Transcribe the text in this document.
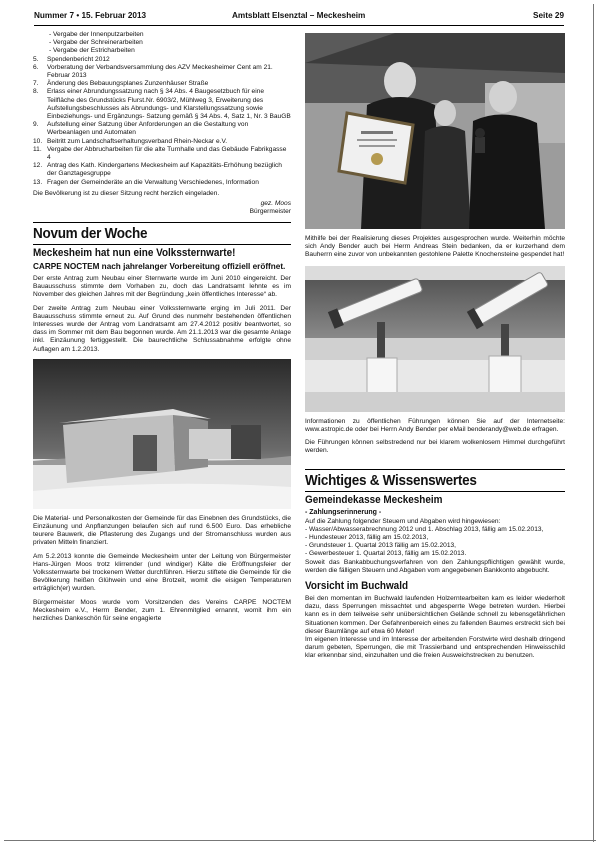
Nummer 7 • 15. Februar 2013	Amtsblatt Elsenztal – Meckesheim	Seite 29
- Vergabe der Innenputzarbeiten
- Vergabe der Schreinerarbeiten
- Vergabe der Estricharbeiten
5.	Spendenbericht 2012
6.	Vorberatung der Verbandsversammlung des AZV Meckesheimer Cent am 21. Februar 2013
7.	Änderung des Bebauungsplanes Zunzenhäuser Straße
8.	Erlass einer Abrundungssatzung nach § 34 Abs. 4 Baugesetzbuch für eine Teilfläche des Grundstücks Flurst.Nr. 6903/2, Mühlweg 3, Erweiterung des Aufstellungsbeschlusses als Abrundungs- und Klarstellungssatzung sowie Einbeziehungs- und Ergänzungs- Satzung gemäß § 34 Abs. 4, Satz 1, Nr. 3 BauGB
9.	Aufstellung einer Satzung über Anforderungen an die Gestaltung von Werbeanlagen und Automaten
10. Beitritt zum Landschaftserhaltungsverband Rhein-Neckar e.V.
11. Vergabe der Abbrucharbeiten für die alte Turnhalle und das Gebäude Fabrikgasse 4
12. Antrag des Kath. Kindergartens Meckesheim auf Kapazitäts-Erhöhung bezüglich der Ganztagesgruppe
13. Fragen der Gemeinderäte an die Verwaltung Verschiedenes, Information

Die Bevölkerung ist zu dieser Sitzung recht herzlich eingeladen.

gez. Moos

Bürgermeister

Novum der Woche
Meckesheim hat nun eine Volkssternwarte!
CARPE NOCTEM nach jahrelanger Vorbereitung offiziell eröffnet.

Der erste Antrag zum Neubau einer Sternwarte wurde im Juni 2010 eingereicht. Der Bauausschuss stimmte dem Vorhaben zu, doch das Landratsamt lehnte es im November des gleichen Jahres mit der Begründung „kein öffentliches Interesse“ ab.

Der zweite Antrag zum Neubau einer Volkssternwarte erging im Juli 2011. Der Bauausschuss stimmte erneut zu. Auf Grund des nunmehr bestehenden öffentlichen Interesses wurde der Antrag vom Landratsamt am 27.4.2012 positiv beantwortet, so dass im Sommer mit dem Bau begonnen wurde. Am 21.1.2013 war die gesamte Anlage inkl. Einzäunung fertiggestellt. Die baurechtliche Schlussabnahme erfolgte ohne Auflagen am 1.2.2013.

Die Material- und Personalkosten der Gemeinde für das Einebnen des Grundstücks, die Einzäunung und Anpflanzungen belaufen sich auf rund 6.500 Euro. Das erhebliche teurere Bauwerk, die Pflasterung des Zugangs und der Stromanschluss wurden aus privaten Mitteln finanziert.

Am 5.2.2013 konnte die Gemeinde Meckesheim unter der Leitung von Bürgermeister Hans-Jürgen Moos trotz klirrender (und windiger) Kälte die Eröffnungsfeier der Volkssternwarte bei trockenem Wetter durchführen. Hierzu stiftete die Gemeinde für die Bevölkerung heißen Glühwein und eine Brotzeit, womit die eisigen Temperaturen erträglich(er) wurden.

Bürgermeister Moos wurde vom Vorsitzenden des Vereins CARPE NOCTEM Meckesheim e.V., Herrn Bender, zum 1. Ehrenmitglied ernannt, womit ihm ein herzliches Dankeschön für seine engagierte

Mithilfe bei der Realisierung dieses Projektes ausgesprochen wurde. Weiterhin möchte sich Andy Bender auch bei Herrn Andreas Stein bedanken, da er kurzerhand dem Bauherrn eine zuvor von unbekannten gestohlene Palette Knochensteine gespendet hat!

Informationen zu öffentlichen Führungen können Sie auf der Internetseite: www.astropic.de oder bei Herrn Andy Bender per eMail benderandy@web.de erfragen.

Die Führungen können selbstredend nur bei klarem wolkenlosem Himmel durchgeführt werden.

Wichtiges & Wissenswertes
Gemeindekasse Meckesheim
- Zahlungserinnerung -
Auf die Zahlung folgender Steuern und Abgaben wird hingewiesen:
- Wasser/Abwasserabrechnung 2012 und 1. Abschlag 2013, fällig am 15.02.2013,
- Hundesteuer 2013, fällig am 15.02.2013,
- Grundsteuer 1. Quartal 2013 fällig am 15.02.2013,
- Gewerbesteuer 1. Quartal 2013, fällig am 15.02.2013.

Soweit das Bankabbuchungsverfahren von den Zahlungspflichtigen gewählt wurde, werden die fälligen Steuern und Abgaben vom angegebenen Bankkonto abgebucht.

Vorsicht im Buchwald

Bei den momentan im Buchwald laufenden Holzerntearbeiten kam es leider wiederholt dazu, dass Sperrungen missachtet und abgesperrte Wege betreten wurden. Hierbei kann es in dem teilweise sehr unübersichtlichen Gelände schnell zu lebensgefährlichen Situationen kommen. Der Gefahrenbereich eines zu fallenden Baumes erstreckt sich bei dieser Baumlänge auf etwa 60 Meter!
Im eigenen Interesse und im Interesse der arbeitenden Forstwirte wird deshalb dringend darum gebeten, Sperrungen, die mit Trassierband und entsprechenden Hinweisschild klar erkennbar sind, einzuhalten und die freien Ausweichstrecken zu benutzen.
